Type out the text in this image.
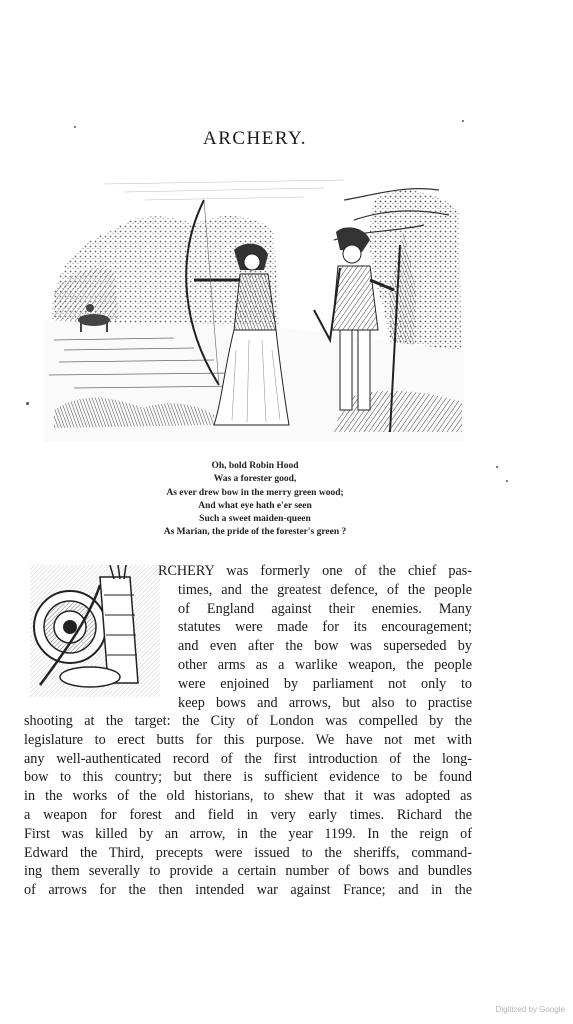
ARCHERY.
Oh, bold Robin Hood
Was a forester good,
As ever drew bow in the merry green wood;
And what eye hath e'er seen
Such a sweet maiden-queen
As Marian, the pride of the forester's green ?
RCHERY was formerly one of the chief pas-
times, and the greatest defence, of the people
of England against their enemies. Many
statutes were made for its encouragement;
and even after the bow was superseded by
other arms as a warlike weapon, the people
were enjoined by parliament not only to
keep bows and arrows, but also to practise
shooting at the target: the City of London was compelled by the
legislature to erect butts for this purpose. We have not met with
any well-authenticated record of the first introduction of the long-
bow to this country; but there is sufficient evidence to be found
in the works of the old historians, to shew that it was adopted as
a weapon for forest and field in very early times. Richard the
First was killed by an arrow, in the year 1199. In the reign of
Edward the Third, precepts were issued to the sheriffs, command-
ing them severally to provide a certain number of bows and bundles
of arrows for the then intended war against France; and in the
Digitized by Google
